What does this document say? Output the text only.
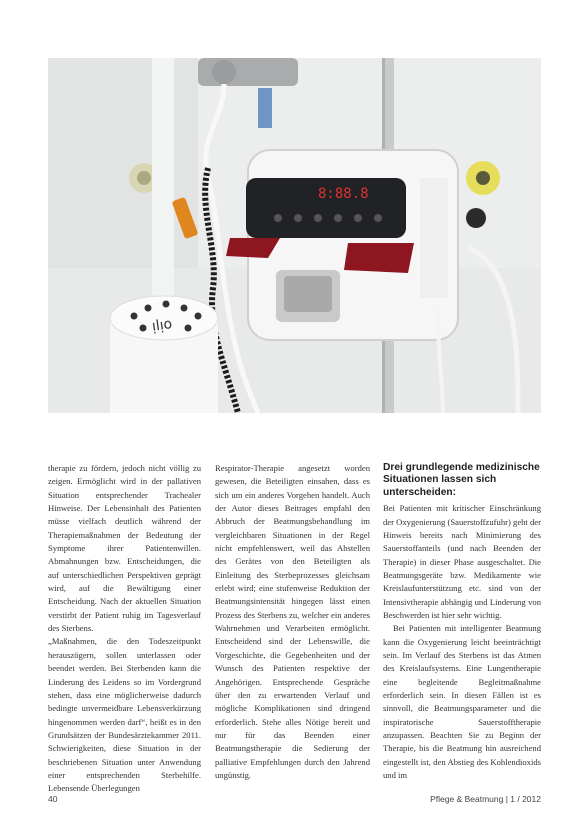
8:88.8
ᴉlᴉo

therapie zu fördern, jedoch nicht völlig zu zeigen. Ermöglicht wird in der pallativen Situation entsprechender Trachealer Hinweise. Der Lebensinhalt des Patienten müsse vielfach deutlich während der Therapiemaßnahmen der Bedeutung der Symptome ihrer Patientenwillen. Abmahnungen bzw. Entscheidungen, die auf unterschiedlichen Perspektiven geprägt wird, auf die Bewältigung einer Entscheidung. Nach der aktuellen Situation verstirbt der Patient ruhig im Tagesverlauf des Sterbens.
„Maßnahmen, die den Todeszeitpunkt herauszögern, sollen unterlassen oder beendet werden. Bei Sterbenden kann die Linderung des Leidens so im Vordergrund stehen, dass eine möglicherweise dadurch bedingte unvermeidbare Lebensverkürzung hingenommen werden darf“, heißt es in den Grundsätzen der Bundesärztekammer 2011. Schwierigkeiten, diese Situation in der beschriebenen Situation unter Anwendung einer entsprechenden Sterbehilfe. Lebensende Überlegungen

Respirator-Therapie angesetzt worden gewesen, die Beteiligten einsahen, dass es sich um ein anderes Vorgehen handelt. Auch der Autor dieses Beitrages empfahl den Abbruch der Beatmungsbehandlung im vergleichbaren Situationen in der Regel nicht empfehlenswert, weil das Abstellen des Gerätes von den Beteiligten als Einleitung des Sterbeprozesses gleichsam erlebt wird; eine stufenweise Reduktion der Beatmungsintensität hingegen lässt einen Prozess des Sterbens zu, welcher ein anderes Wahrnehmen und Verarbeiten ermöglicht. Entscheidend sind der Lebenswille, die Vorgeschichte, die Gegebenheiten und der Wunsch des Patienten respektive der Angehörigen. Entsprechende Gespräche über den zu erwartenden Verlauf und mögliche Komplikationen sind dringend erforderlich. Stehe alles Nötige bereit und nur für das Beenden einer Beatmungstherapie die Sedierung der palliative Empfehlungen durch den Jahrend ungünstig.

Drei grundlegende medizinische Situationen lassen sich unterscheiden:

Bei Patienten mit kritischer Einschränkung der Oxygenierung (Sauerstoffzufuhr) geht der Hinweis bereits nach Minimierung des Sauerstoffanteils (und nach Beenden der Therapie) in dieser Phase ausgeschaltet. Die Beatmungsgeräte bzw. Medikamente wie Kreislaufunterstützung etc. sind von der Intensivtherapie abhängig und Linderung von Beschwerden ist hier sehr wichtig.

Bei Patienten mit intelligenter Beatmung kann die Oxygenierung leicht beeinträchtigt sein. Im Verlauf des Sterbens ist das Atmen des Kreislaufsystems. Eine Lungentherapie eine begleitende Begleitmaßnahme erforderlich sein. In diesen Fällen ist es sinnvoll, die Beatmungsparameter und die inspiratorische Sauerstofftherapie anzupassen. Beachten Sie zu Beginn der Therapie, bis die Beatmung hin ausreichend eingestellt ist, den Abstieg des Kohlendioxids und im

40	Pflege & Beatmung | 1 / 2012
